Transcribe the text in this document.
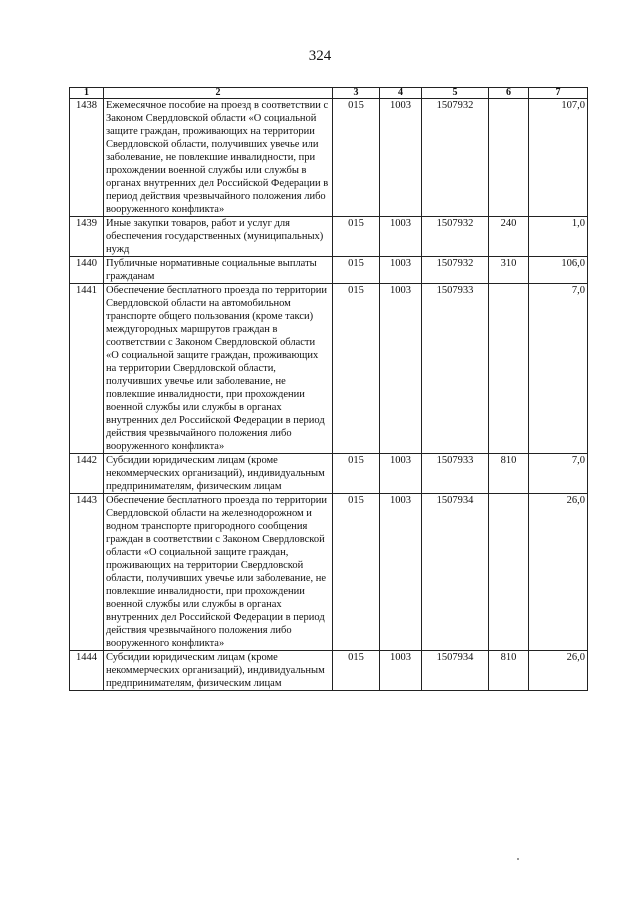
324
1	2	3	4	5	6	7
1438	Ежемесячное пособие на проезд в соответствии с Законом Свердловской области «О социальной защите граждан, проживающих на территории Свердловской области, получивших увечье или заболевание, не повлекшие инвалидности, при прохождении военной службы или службы в органах внутренних дел Российской Федерации в период действия чрезвычайного положения либо вооруженного конфликта»	015	1003	1507932		107,0
1439	Иные закупки товаров, работ и услуг для обеспечения государственных (муниципальных) нужд	015	1003	1507932	240	1,0
1440	Публичные нормативные социальные выплаты гражданам	015	1003	1507932	310	106,0
1441	Обеспечение бесплатного проезда по территории Свердловской области на автомобильном транспорте общего пользования (кроме такси) междугородных маршрутов граждан в соответствии с Законом Свердловской области «О социальной защите граждан, проживающих на территории Свердловской области, получивших увечье или заболевание, не повлекшие инвалидности, при прохождении военной службы или службы в органах внутренних дел Российской Федерации в период действия чрезвычайного положения либо вооруженного конфликта»	015	1003	1507933		7,0
1442	Субсидии юридическим лицам (кроме некоммерческих организаций), индивидуальным предпринимателям, физическим лицам	015	1003	1507933	810	7,0
1443	Обеспечение бесплатного проезда по территории Свердловской области на железнодорожном и водном транспорте пригородного сообщения граждан в соответствии с Законом Свердловской области «О социальной защите граждан, проживающих на территории Свердловской области, получивших увечье или заболевание, не повлекшие инвалидности, при прохождении военной службы или службы в органах внутренних дел Российской Федерации в период действия чрезвычайного положения либо вооруженного конфликта»	015	1003	1507934		26,0
1444	Субсидии юридическим лицам (кроме некоммерческих организаций), индивидуальным предпринимателям, физическим лицам	015	1003	1507934	810	26,0
